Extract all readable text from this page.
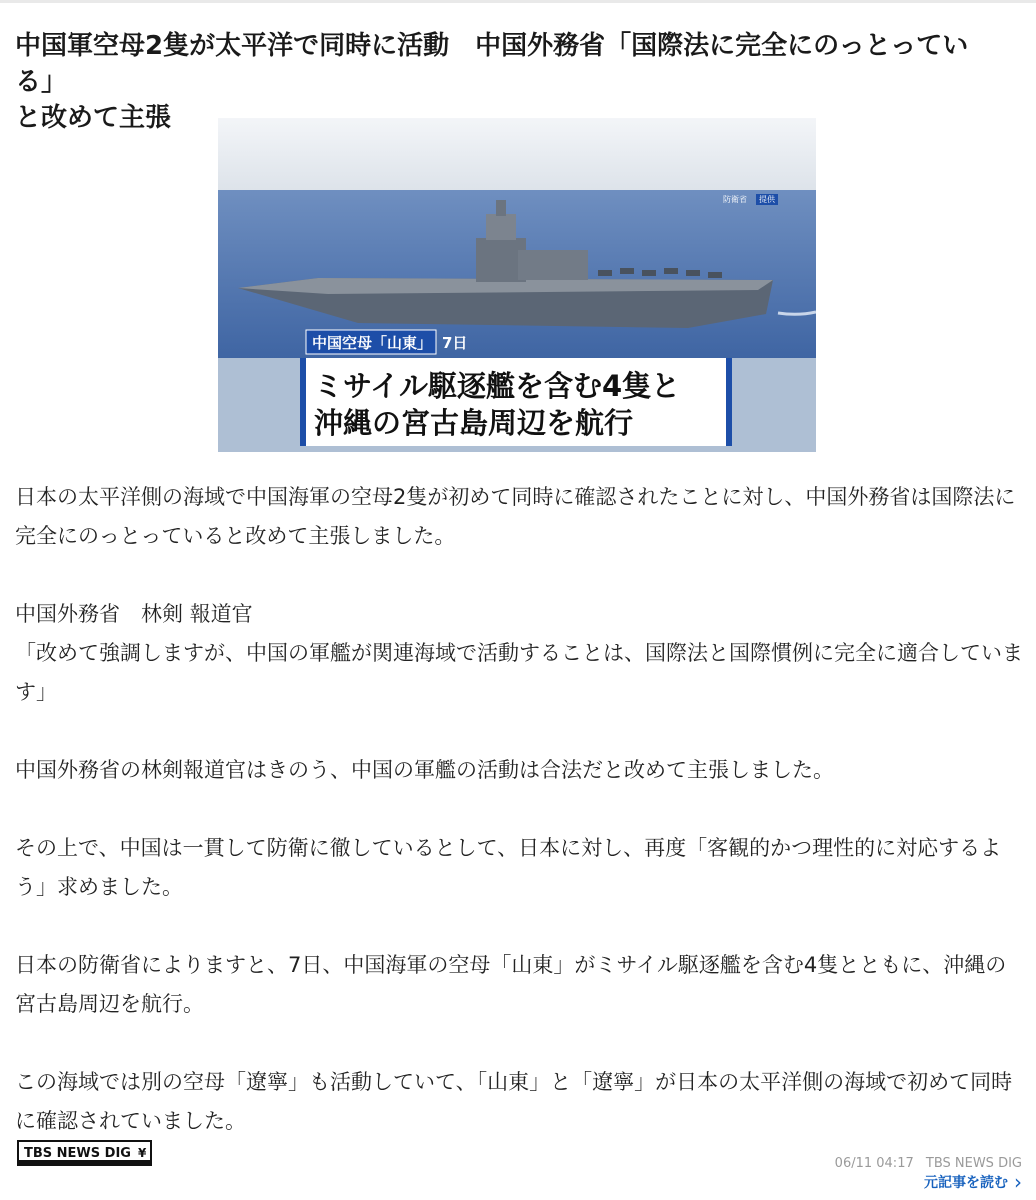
中国軍空母2隻が太平洋で同時に活動　中国外務省「国際法に完全にのっとっている」
と改めて主張
防衛省 提供
中国空母「山東」 7日
ミサイル駆逐艦を含む4隻と
沖縄の宮古島周辺を航行

日本の太平洋側の海域で中国海軍の空母2隻が初めて同時に確認されたことに対し、中国外務省は国際法に完全にのっとっていると改めて主張しました。

中国外務省　林剣 報道官

「改めて強調しますが、中国の軍艦が関連海域で活動することは、国際法と国際慣例に完全に適合しています」

中国外務省の林剣報道官はきのう、中国の軍艦の活動は合法だと改めて主張しました。

その上で、中国は一貫して防衛に徹しているとして、日本に対し、再度「客観的かつ理性的に対応するよう」求めました。

日本の防衛省によりますと、7日、中国海軍の空母「山東」がミサイル駆逐艦を含む4隻とともに、沖縄の宮古島周辺を航行。

この海域では別の空母「遼寧」も活動していて、「山東」と「遼寧」が日本の太平洋側の海域で初めて同時に確認されていました。

TBS NEWS DIG ¥
06/11 04:17 TBS NEWS DIG
元記事を読む ›
